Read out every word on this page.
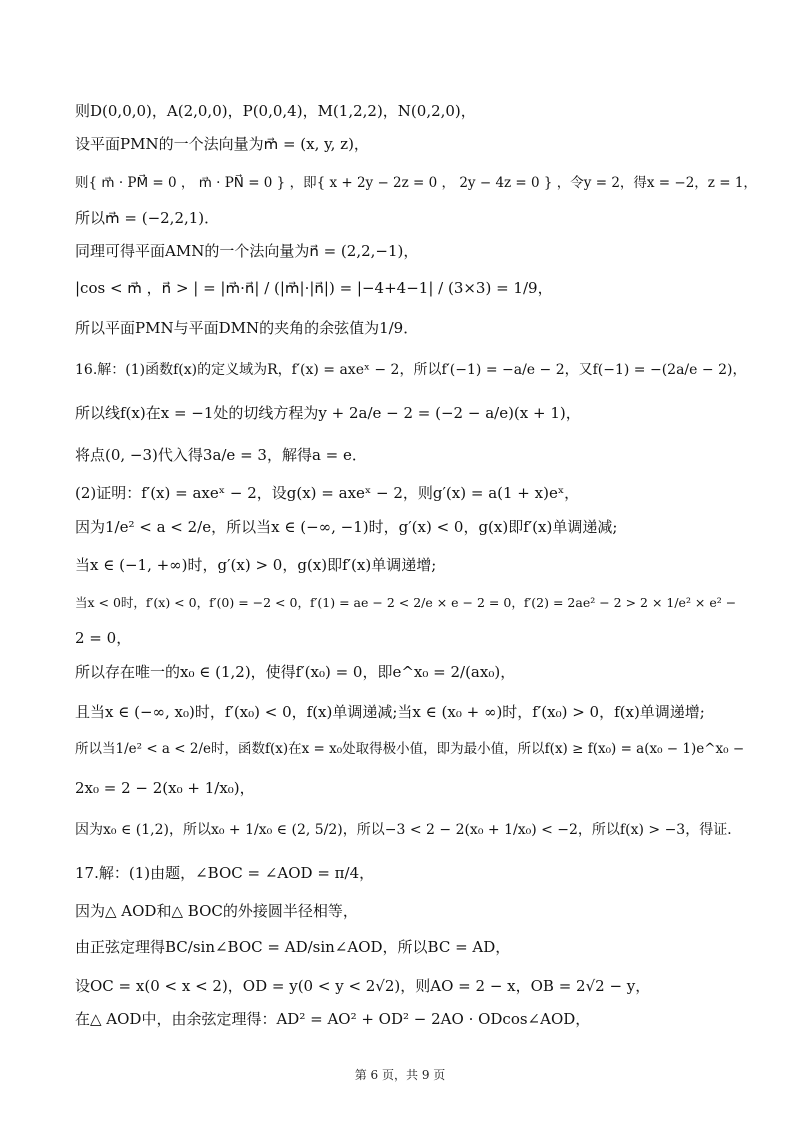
则D(0,0,0)，A(2,0,0)，P(0,0,4)，M(1,2,2)，N(0,2,0)，
设平面PMN的一个法向量为m⃗ = (x, y, z)，
则{ m⃗ · PM⃗ = 0 ， m⃗ · PN⃗ = 0 } ，即{ x + 2y − 2z = 0 ， 2y − 4z = 0 } ，令y = 2，得x = −2，z = 1，
所以m⃗ = (−2,2,1)．
同理可得平面AMN的一个法向量为n⃗ = (2,2,−1)，
|cos < m⃗ ，n⃗ > | = |m⃗·n⃗| / (|m⃗|·|n⃗|) = |−4+4−1| / (3×3) = 1/9，
所以平面PMN与平面DMN的夹角的余弦值为1/9．
16.解：(1)函数f(x)的定义域为R，f′(x) = axeˣ − 2，所以f′(−1) = −a/e − 2，又f(−1) = −(2a/e − 2)，
所以线f(x)在x = −1处的切线方程为y + 2a/e − 2 = (−2 − a/e)(x + 1)，
将点(0, −3)代入得3a/e = 3，解得a = e．
(2)证明：f′(x) = axeˣ − 2，设g(x) = axeˣ − 2，则g′(x) = a(1 + x)eˣ，
因为1/e² < a < 2/e，所以当x ∈ (−∞, −1)时，g′(x) < 0，g(x)即f′(x)单调递减;
当x ∈ (−1, +∞)时，g′(x) > 0，g(x)即f′(x)单调递增;
当x < 0时，f′(x) < 0，f′(0) = −2 < 0，f′(1) = ae − 2 < 2/e × e − 2 = 0，f′(2) = 2ae² − 2 > 2 × 1/e² × e² −
2 = 0，
所以存在唯一的x₀ ∈ (1,2)，使得f′(x₀) = 0，即e^x₀ = 2/(ax₀)，
且当x ∈ (−∞, x₀)时，f′(x₀) < 0，f(x)单调递减;当x ∈ (x₀ + ∞)时，f′(x₀) > 0，f(x)单调递增;
所以当1/e² < a < 2/e时，函数f(x)在x = x₀处取得极小值，即为最小值，所以f(x) ≥ f(x₀) = a(x₀ − 1)e^x₀ −
2x₀ = 2 − 2(x₀ + 1/x₀)，
因为x₀ ∈ (1,2)，所以x₀ + 1/x₀ ∈ (2, 5/2)，所以−3 < 2 − 2(x₀ + 1/x₀) < −2，所以f(x) > −3，得证．
17.解：(1)由题，∠BOC = ∠AOD = π/4，
因为△ AOD和△ BOC的外接圆半径相等，
由正弦定理得BC/sin∠BOC = AD/sin∠AOD，所以BC = AD，
设OC = x(0 < x < 2)，OD = y(0 < y < 2√2)，则AO = 2 − x，OB = 2√2 − y，
在△ AOD中，由余弦定理得：AD² = AO² + OD² − 2AO · ODcos∠AOD，
第 6 页，共 9 页
